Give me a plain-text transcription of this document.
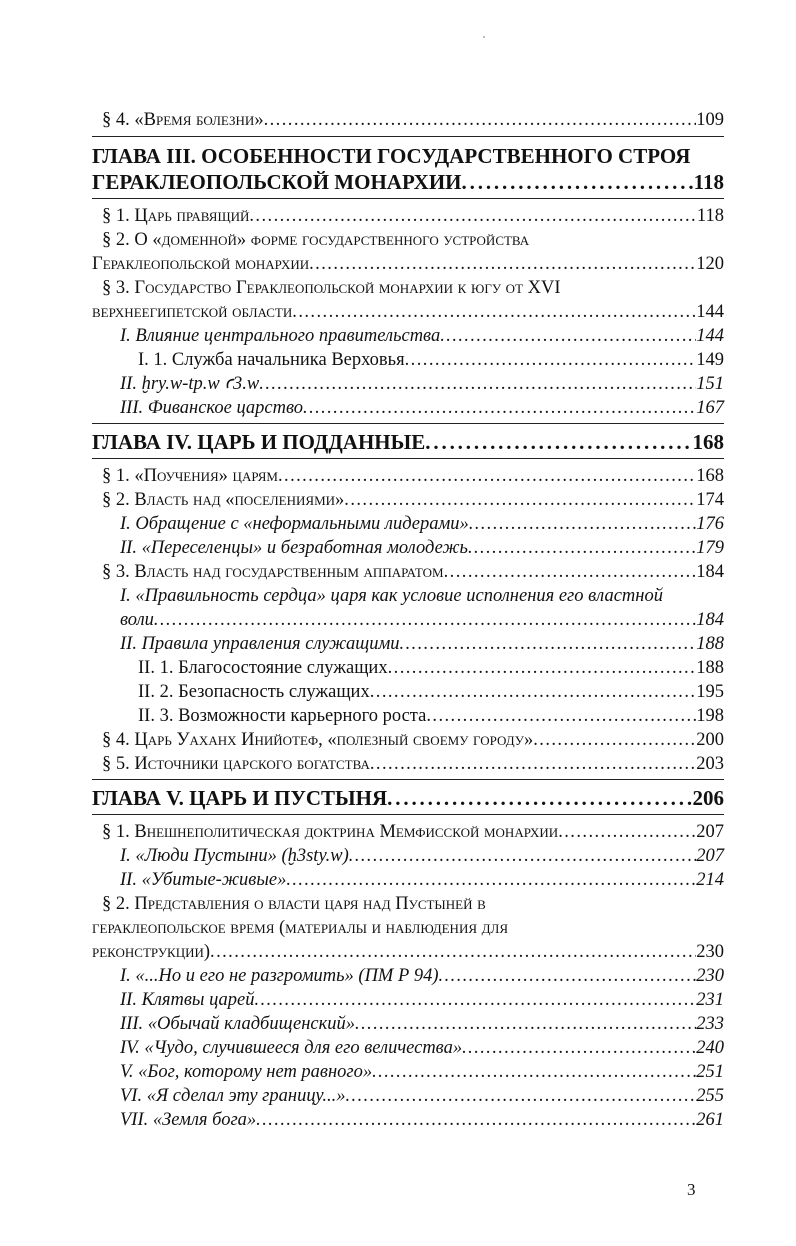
§ 4. «Время болезни» . . .	109
ГЛАВА III. ОСОБЕННОСТИ ГОСУДАРСТВЕННОГО СТРОЯ
ГЕРАКЛЕОПОЛЬСКОЙ МОНАРХИИ . . .	118
§ 1. Царь правящий . . .	118
§ 2. О «доменной» форме государственного устройства
Гераклеопольской монархии . . .	120
§ 3. Государство Гераклеопольской монархии к югу от XVI
верхнеегипетской области . . .	144
I. Влияние центрального правительства . . .	144
I. 1. Служба начальника Верховья . . .	149
II. ḫry.w-tp.w ꜥ3.w . . .	151
III. Фиванское царство . . .	167
ГЛАВА IV. ЦАРЬ И ПОДДАННЫЕ . . .	168
§ 1. «Поучения» царям . . .	168
§ 2. Власть над «поселениями» . . .	174
I. Обращение с «неформальными лидерами» . . .	176
II. «Переселенцы» и безработная молодежь . . .	179
§ 3. Власть над государственным аппаратом . . .	184
I. «Правильность сердца» царя как условие исполнения его властной
воли . . .	184
II. Правила управления служащими . . .	188
II. 1. Благосостояние служащих . . .	188
II. 2. Безопасность служащих . . .	195
II. 3. Возможности карьерного роста . . .	198
§ 4. Царь Уаханх Инийотеф, «полезный своему городу» . . .	200
§ 5. Источники царского богатства . . .	203
ГЛАВА V. ЦАРЬ И ПУСТЫНЯ . . .	206
§ 1. Внешнеполитическая доктрина Мемфисской монархии . . .	207
I. «Люди Пустыни» (ḫ3sty.w) . . .	207
II. «Убитые-живые» . . .	214
§ 2. Представления о власти царя над Пустыней в
гераклеопольское время (материалы и наблюдения для
реконструкции) . . .	230
I. «...Но и его не разгромить» (ПМ Р 94) . . .	230
II. Клятвы царей . . .	231
III. «Обычай кладбищенский» . . .	233
IV. «Чудо, случившееся для его величества» . . .	240
V. «Бог, которому нет равного» . . .	251
VI. «Я сделал эту границу...» . . .	255
VII. «Земля бога» . . .	261
3
